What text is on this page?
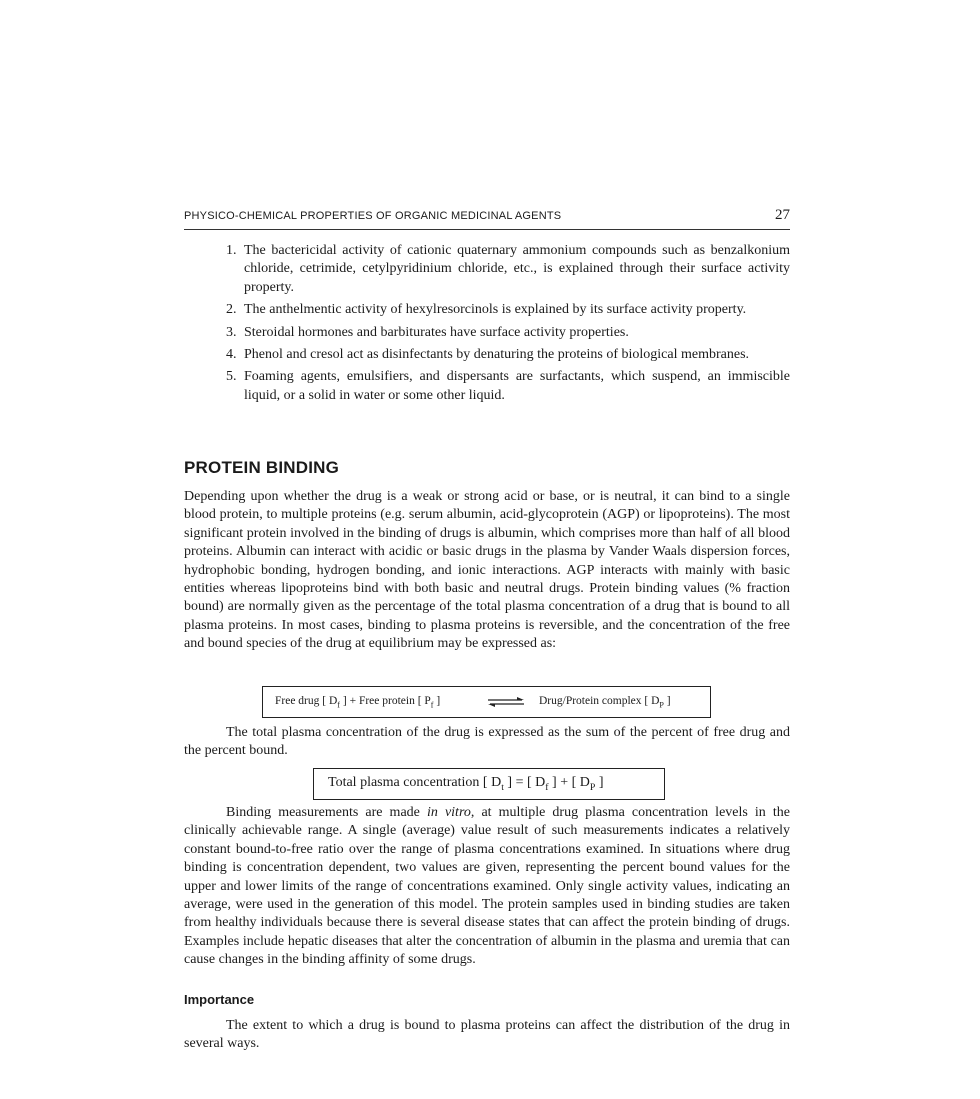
PHYSICO-CHEMICAL PROPERTIES OF ORGANIC MEDICINAL AGENTS	27
1. The bactericidal activity of cationic quaternary ammonium compounds such as benzalkonium chloride, cetrimide, cetylpyridinium chloride, etc., is explained through their surface activity property.
2. The anthelmentic activity of hexylresorcinols is explained by its surface activity property.
3. Steroidal hormones and barbiturates have surface activity properties.
4. Phenol and cresol act as disinfectants by denaturing the proteins of biological membranes.
5. Foaming agents, emulsifiers, and dispersants are surfactants, which suspend, an immiscible liquid, or a solid in water or some other liquid.
PROTEIN BINDING

Depending upon whether the drug is a weak or strong acid or base, or is neutral, it can bind to a single blood protein, to multiple proteins (e.g. serum albumin, acid-glycoprotein (AGP) or lipoproteins). The most significant protein involved in the binding of drugs is albumin, which comprises more than half of all blood proteins. Albumin can interact with acidic or basic drugs in the plasma by Vander Waals dispersion forces, hydrophobic bonding, hydrogen bonding, and ionic interactions. AGP interacts with mainly with basic entities whereas lipoproteins bind with both basic and neutral drugs. Protein binding values (% fraction bound) are normally given as the percentage of the total plasma concentration of a drug that is bound to all plasma proteins. In most cases, binding to plasma proteins is reversible, and the concentration of the free and bound species of the drug at equilibrium may be expressed as:

Free drug [ $D_f$ ] + Free protein [ $P_f$ ]	⇌ Drug/Protein complex [ $D_P$ ]

The total plasma concentration of the drug is expressed as the sum of the percent of free drug and the percent bound.

Total plasma concentration [ $D_t$ ] = [ $D_f$ ] + [ $D_P$ ]

Binding measurements are made in vitro, at multiple drug plasma concentration levels in the clinically achievable range. A single (average) value result of such measurements indicates a relatively constant bound-to-free ratio over the range of plasma concentrations examined. In situations where drug binding is concentration dependent, two values are given, representing the percent bound values for the upper and lower limits of the range of concentrations examined. Only single activity values, indicating an average, were used in the generation of this model. The protein samples used in binding studies are taken from healthy individuals because there is several disease states that can affect the protein binding of drugs. Examples include hepatic diseases that alter the concentration of albumin in the plasma and uremia that can cause changes in the binding affinity of some drugs.

Importance

The extent to which a drug is bound to plasma proteins can affect the distribution of the drug in several ways.
